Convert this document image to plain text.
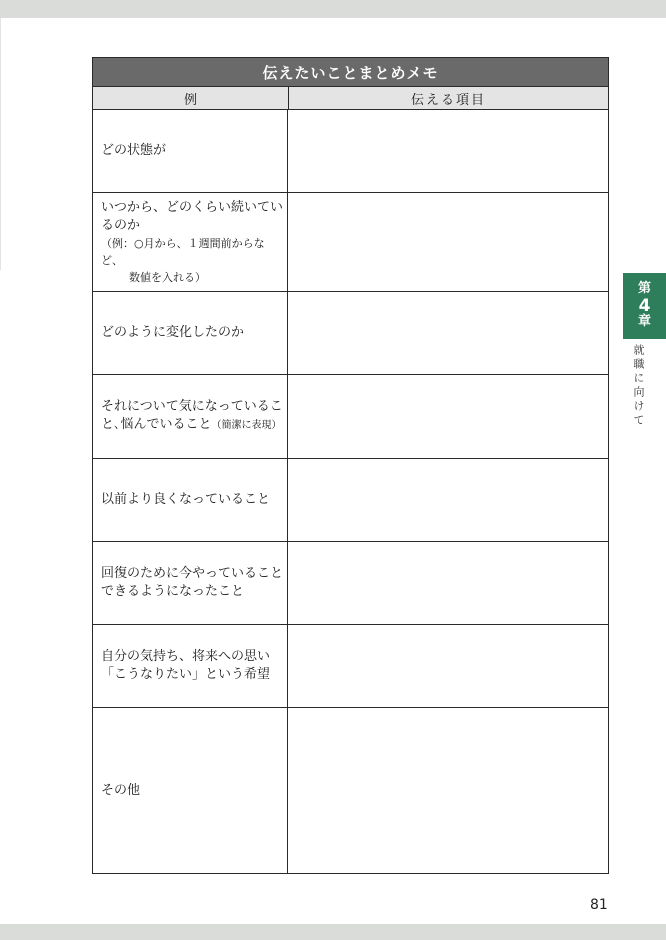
伝えたいことまとめメモ
例	伝える項目
どの状態が
いつから、どのくらい続いてい
るのか
（例：○月から、１週間前からなど、
数値を入れる）
どのように変化したのか
それについて気になっているこ
と､悩んでいること（簡潔に表現）
以前より良くなっていること
回復のために今やっていること
できるようになったこと
自分の気持ち、将来への思い
「こうなりたい」という希望
その他
第
4
章
就職に向けて
81
